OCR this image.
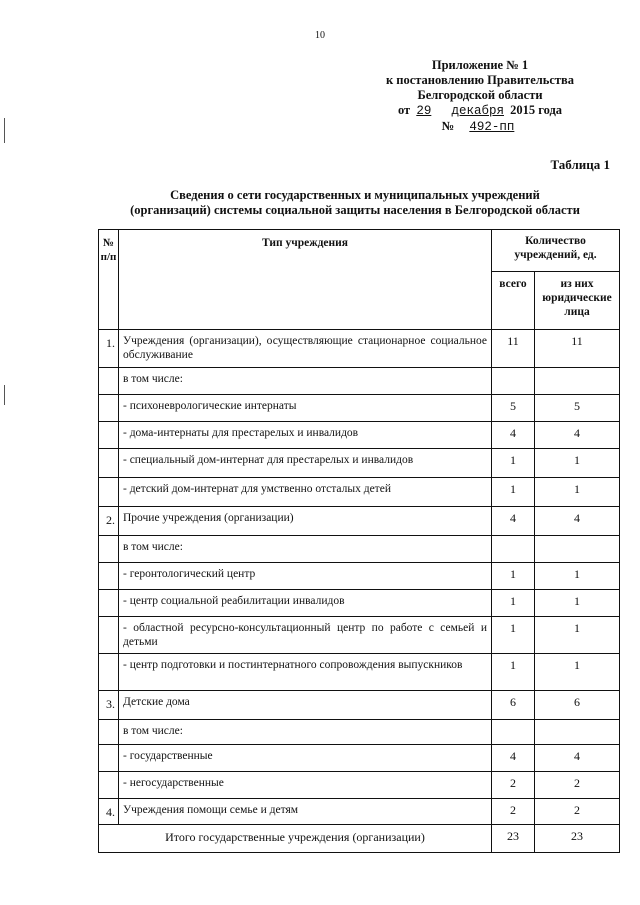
10
Приложение № 1
к постановлению Правительства
Белгородской области
от 29 декабря 2015 года
№ 492-пп
Таблица 1
Сведения о сети государственных и муниципальных учреждений
(организаций) системы социальной защиты населения в Белгородской области
№ п/п	Тип учреждения	Количество учреждений, ед.	
		всего	из них юридические лица
1.	Учреждения (организации), осуществляющие стационарное социальное обслуживание	11	11
	в том числе:		
	- психоневрологические интернаты	5	5
	- дома-интернаты для престарелых и инвалидов	4	4
	- специальный дом-интернат для престарелых и инвалидов	1	1
	- детский дом-интернат для умственно отсталых детей	1	1
2.	Прочие учреждения (организации)	4	4
	в том числе:		
	- геронтологический центр	1	1
	- центр социальной реабилитации инвалидов	1	1
	- областной ресурсно-консультационный центр по работе с семьей и детьми	1	1
	- центр подготовки и постинтернатного сопровождения выпускников	1	1
3.	Детские дома	6	6
	в том числе:		
	- государственные	4	4
	- негосударственные	2	2
4.	Учреждения помощи семье и детям	2	2
Итого государственные учреждения (организации)		23	23
